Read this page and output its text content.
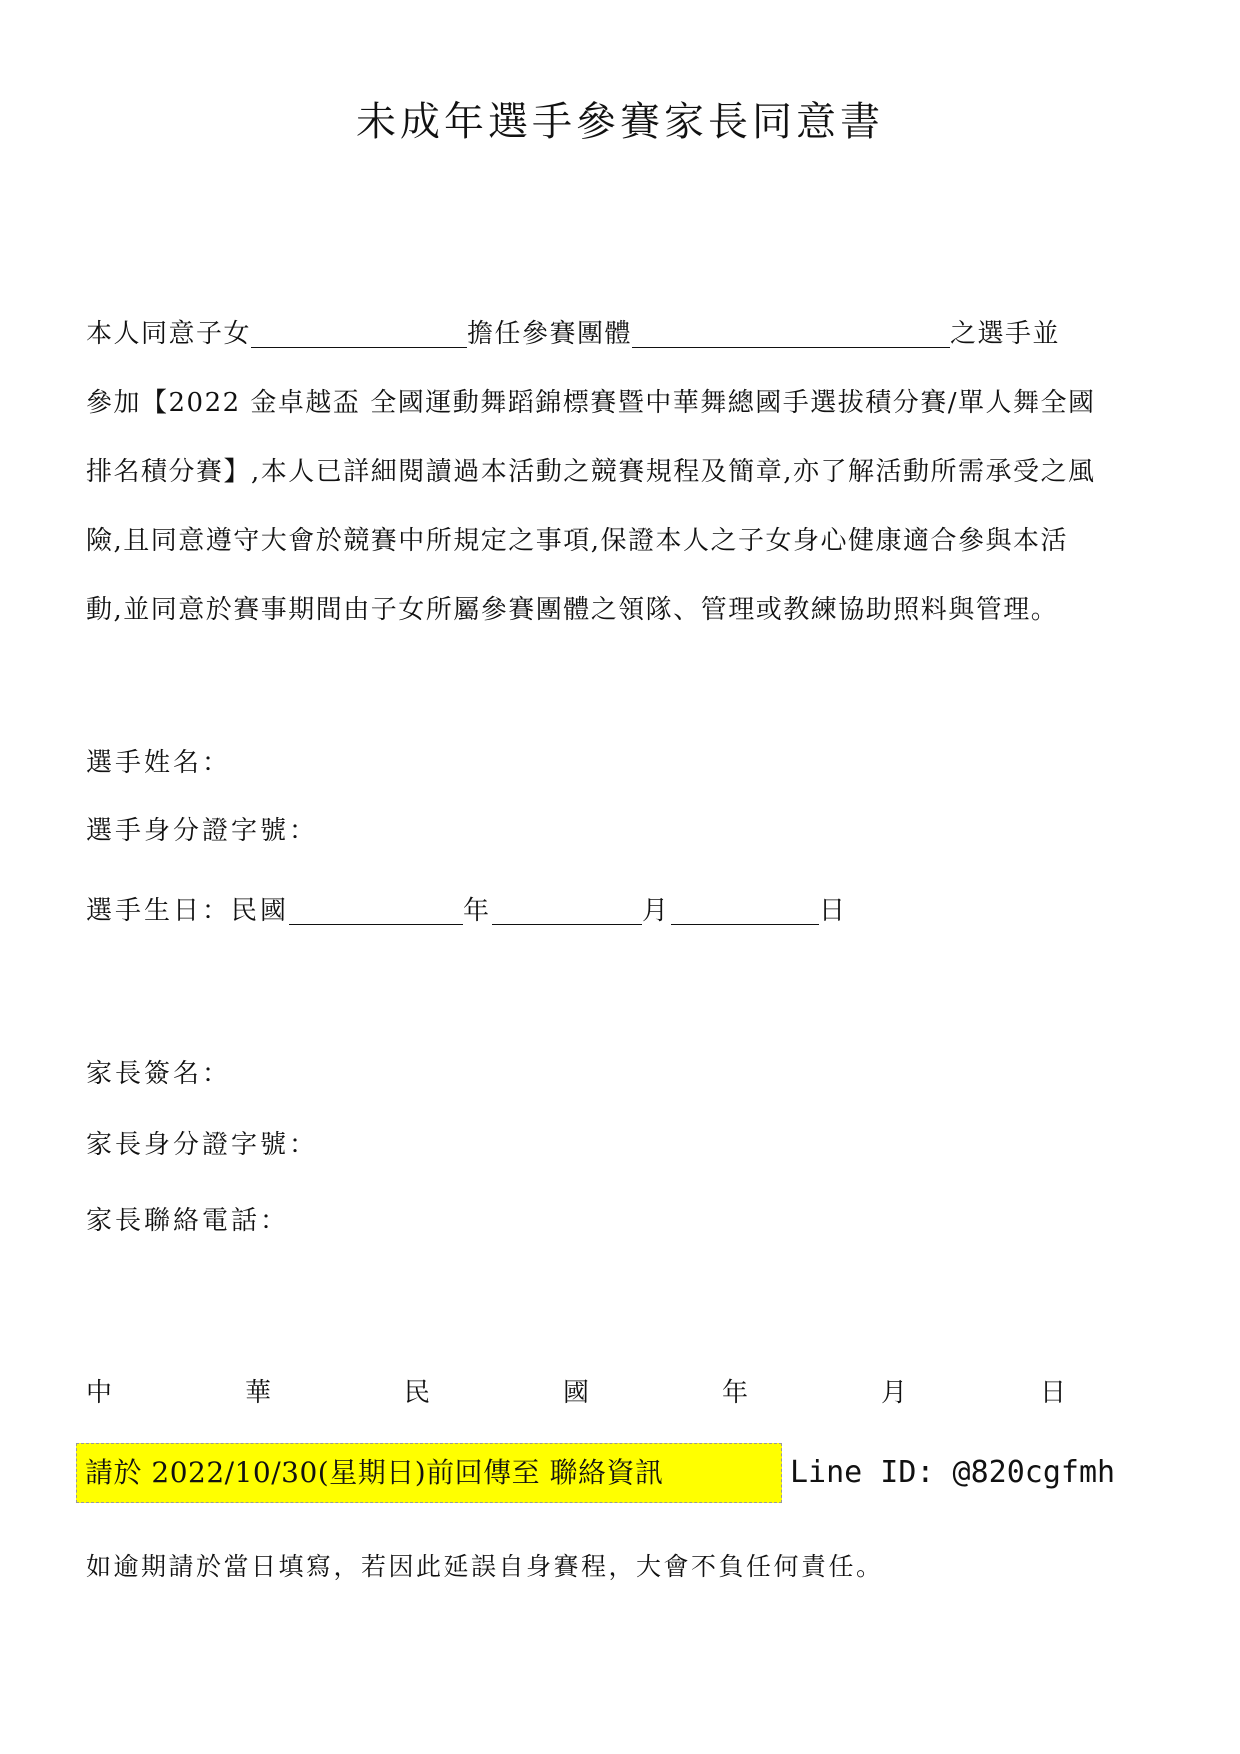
未成年選手參賽家長同意書
本人同意子女	擔任參賽團體	之選手並
參加【2022 金卓越盃 全國運動舞蹈錦標賽暨中華舞總國手選拔積分賽/單人舞全國
排名積分賽】,本人已詳細閱讀過本活動之競賽規程及簡章,亦了解活動所需承受之風
險,且同意遵守大會於競賽中所規定之事項,保證本人之子女身心健康適合參與本活
動,並同意於賽事期間由子女所屬參賽團體之領隊、管理或教練協助照料與管理。
選手姓名：
選手身分證字號：
選手生日：民國	年	月	日
家長簽名：
家長身分證字號：
家長聯絡電話：
中	華	民	國	年	月	日
請於 2022/10/30(星期日)前回傳至 聯絡資訊	Line ID: @820cgfmh
如逾期請於當日填寫，若因此延誤自身賽程，大會不負任何責任。
